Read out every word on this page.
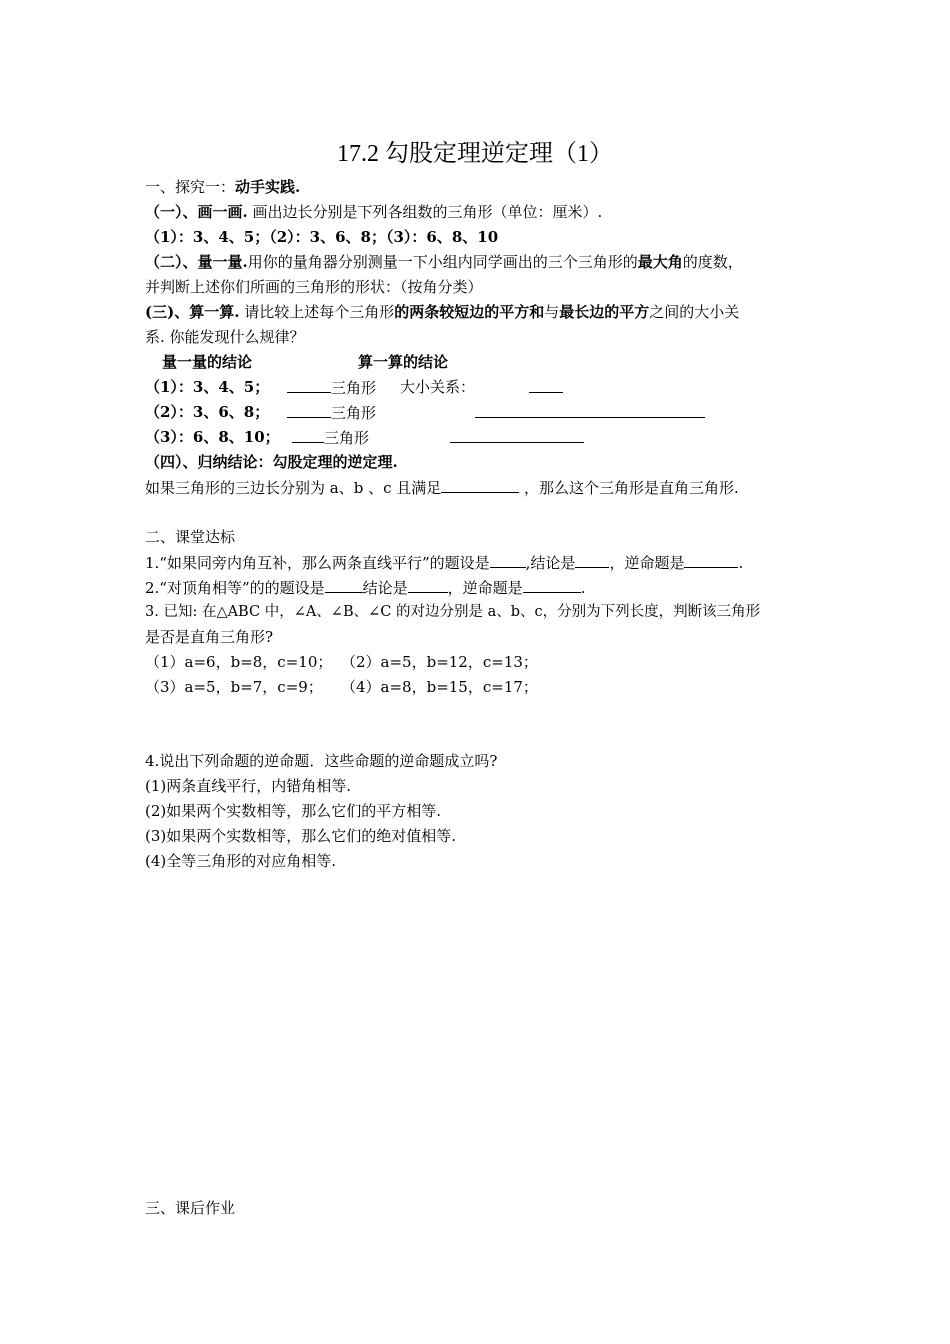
17.2 勾股定理逆定理（1）
一、探究一：动手实践.
（一）、画一画. 画出边长分别是下列各组数的三角形（单位：厘米）.
（1）：3、4、5；（2）：3、6、8；（3）：6、8、10
（二）、量一量.用你的量角器分别测量一下小组内同学画出的三个三角形的最大角的度数，
并判断上述你们所画的三角形的形状：（按角分类）
(三)、算一算. 请比较上述每个三角形的两条较短边的平方和与最长边的平方之间的大小关
系. 你能发现什么规律？
量一量的结论	算一算的结论
（1）：3、4、5；	三角形 大小关系：
（2）：3、6、8；	三角形
（3）：6、8、10；	三角形
（四）、归纳结论：勾股定理的逆定理.
如果三角形的三边长分别为 a、b 、c 且满足	，那么这个三角形是直角三角形.
二、课堂达标
1.“如果同旁内角互补，那么两条直线平行”的题设是 ,结论是 ，逆命题是	.
2.“对顶角相等”的的题设是	结论是	，逆命题是	.
3. 已知: 在△ABC 中，∠A、∠B、∠C 的对边分别是 a、b、c，分别为下列长度，判断该三角形
是否是直角三角形?
（1）a=6，b=8，c=10； （2）a=5，b=12，c=13；
（3）a=5，b=7，c=9； （4）a=8，b=15，c=17；
4.说出下列命题的逆命题．这些命题的逆命题成立吗?
(1)两条直线平行，内错角相等.
(2)如果两个实数相等，那么它们的平方相等.
(3)如果两个实数相等，那么它们的绝对值相等.
(4)全等三角形的对应角相等.
三、课后作业
